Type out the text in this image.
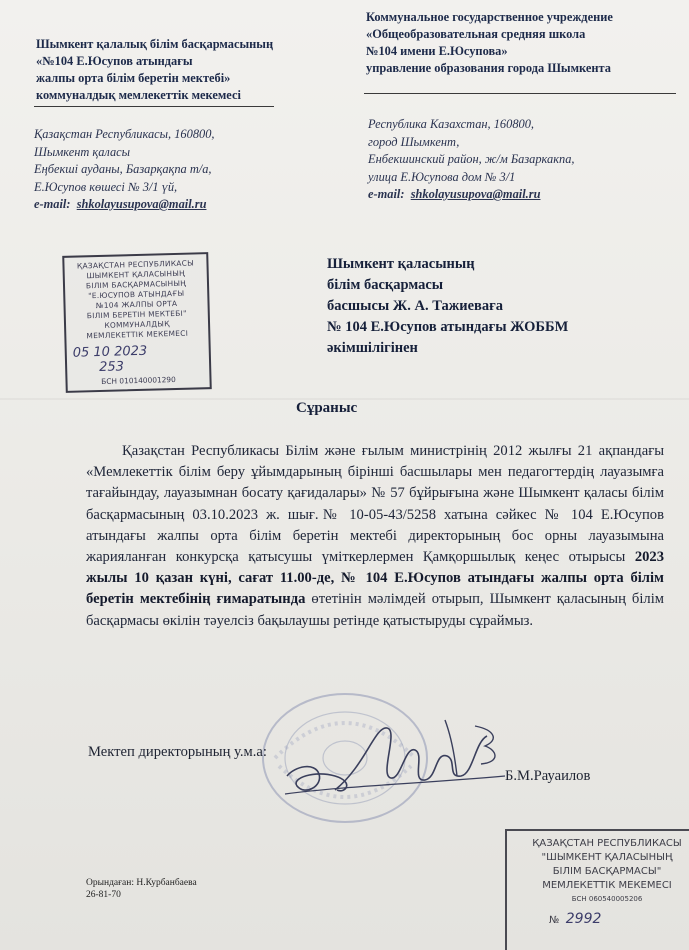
Шымкент қалалық білім басқармасының
«№104 Е.Юсупов атындағы
жалпы орта білім беретін мектебі»
коммуналдық мемлекеттік мекемесі
Коммунальное государственное учреждение
«Общеобразовательная средняя школа
№104 имени Е.Юсупова»
управление образования города Шымкента
Қазақстан Республикасы, 160800,
Шымкент қаласы
Еңбекші ауданы, Базарқақпа т/а,
Е.Юсупов көшесі № 3/1 үй,
e-mail: shkolayusupova@mail.ru
Республика Казахстан, 160800,
город Шымкент,
Енбекшинский район, ж/м Базаркакпа,
улица Е.Юсупова дом № 3/1
e-mail: shkolayusupova@mail.ru
ҚАЗАҚСТАН РЕСПУБЛИКАСЫ
ШЫМКЕНТ ҚАЛАСЫНЫҢ
БІЛІМ БАСҚАРМАСЫНЫҢ
"Е.ЮСУПОВ АТЫНДАҒЫ
№104 ЖАЛПЫ ОРТА
БІЛІМ БЕРЕТІН МЕКТЕБІ"
КОММУНАЛДЫҚ
МЕМЛЕКЕТТІК МЕКЕМЕСІ
05 10 2023
253
БСН 010140001290
Шымкент қаласының
білім басқармасы
басшысы Ж. А. Тажиеваға
№ 104 Е.Юсупов атындағы ЖОББМ
әкімшілігінен
Сұраныс
Қазақстан Республикасы Білім және ғылым министрінің 2012 жылғы 21 ақпандағы «Мемлекеттік білім беру ұйымдарының бірінші басшылары мен педагогтердің лауазымға тағайындау, лауазымнан босату қағидалары» № 57 бұйрығына және Шымкент қаласы білім басқармасының 03.10.2023 ж. шығ.№ 10-05-43/5258 хатына сәйкес № 104 Е.Юсупов атындағы жалпы орта білім беретін мектебі директорының бос орны лауазымына жарияланған конкурсқа қатысушы үміткерлермен Қамқоршылық кеңес отырысы 2023 жылы 10 қазан күні, сағат 11.00-де, № 104 Е.Юсупов атындағы жалпы орта білім беретін мектебінің ғимаратында өтетінін мәлімдей отырып, Шымкент қаласының білім басқармасы өкілін тәуелсіз бақылаушы ретінде қатыстыруды сұраймыз.
Мектеп директорының у.м.а:
Б.М.Рауаилов
Орындаған: Н.Курбанбаева
26-81-70
ҚАЗАҚСТАН РЕСПУБЛИКАСЫ
"ШЫМКЕНТ ҚАЛАСЫНЫҢ
БІЛІМ БАСҚАРМАСЫ"
МЕМЛЕКЕТТІК МЕКЕМЕСІ
БСН 060540005206
№ 2992
